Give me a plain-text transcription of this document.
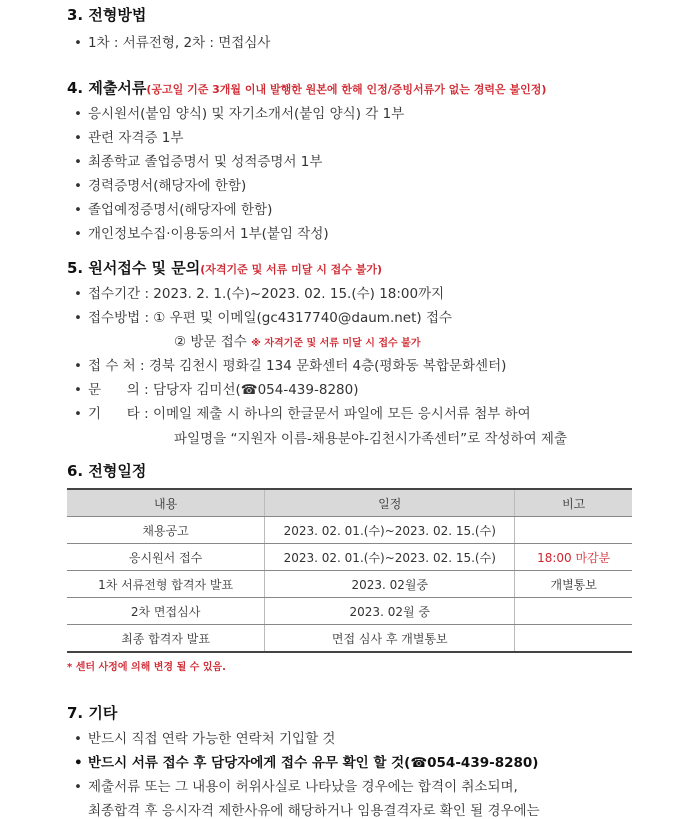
3. 전형방법
• 1차 : 서류전형, 2차 : 면접심사
4. 제출서류(공고일 기준 3개월 이내 발행한 원본에 한해 인정/증빙서류가 없는 경력은 불인정)
• 응시원서(붙임 양식) 및 자기소개서(붙임 양식) 각 1부
• 관련 자격증 1부
• 최종학교 졸업증명서 및 성적증명서 1부
• 경력증명서(해당자에 한함)
• 졸업예정증명서(해당자에 한함)
• 개인정보수집·이용동의서 1부(붙임 작성)
5. 원서접수 및 문의(자격기준 및 서류 미달 시 접수 불가)
• 접수기간 : 2023. 2. 1.(수)~2023. 02. 15.(수) 18:00까지
• 접수방법 : ① 우편 및 이메일(gc4317740@daum.net) 접수
② 방문 접수 ※ 자격기준 및 서류 미달 시 접수 불가
• 접 수 처 : 경북 김천시 평화길 134 문화센터 4층(평화동 복합문화센터)
• 문      의 : 담당자 김미선(☎054-439-8280)
• 기      타 : 이메일 제출 시 하나의 한글문서 파일에 모든 응시서류 첨부 하여
파일명을 “지원자 이름-채용분야-김천시가족센터”로 작성하여 제출
6. 전형일정
내용	일정	비고
채용공고	2023. 02. 01.(수)~2023. 02. 15.(수)	
응시원서 접수	2023. 02. 01.(수)~2023. 02. 15.(수)	18:00 마감분
1차 서류전형 합격자 발표	2023. 02월중	개별통보
2차 면접심사	2023. 02월 중	
최종 합격자 발표	면접 심사 후 개별통보	
* 센터 사정에 의해 변경 될 수 있음.
7. 기타
• 반드시 직접 연락 가능한 연락처 기입할 것
• 반드시 서류 접수 후 담당자에게 접수 유무 확인 할 것(☎054-439-8280)
• 제출서류 또는 그 내용이 허위사실로 나타났을 경우에는 합격이 취소되며,
최종합격 후 응시자격 제한사유에 해당하거나 임용결격자로 확인 될 경우에는
